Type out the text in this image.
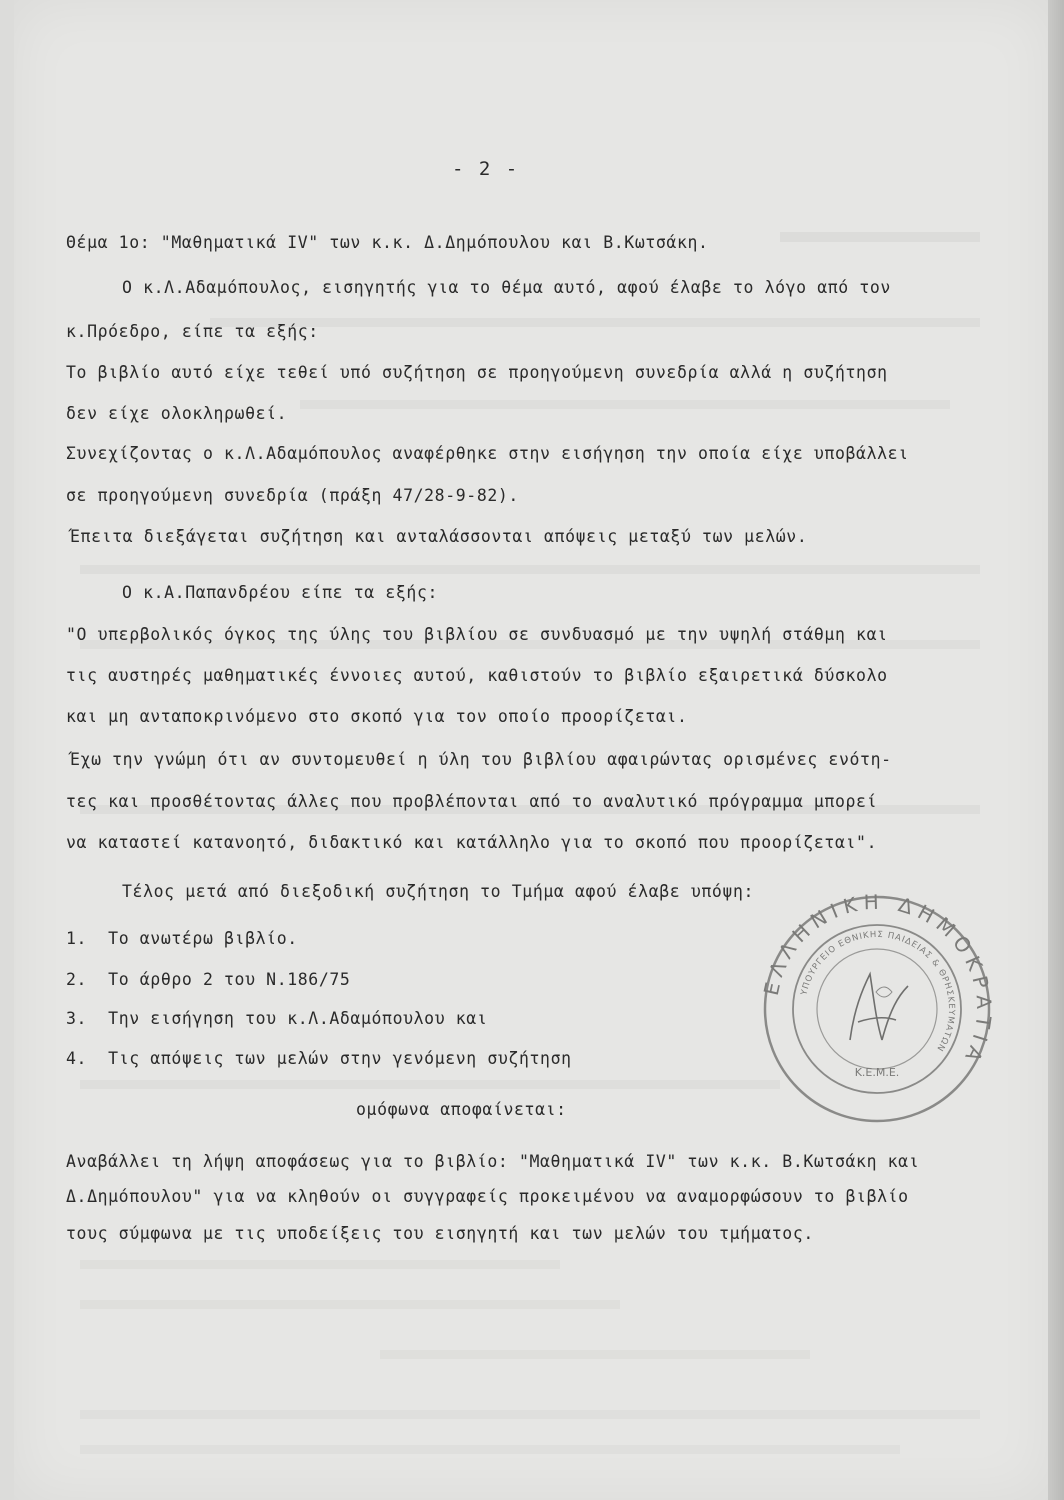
- 2 -
Θέμα 1ο: "Μαθηματικά ΙV" των κ.κ. Δ.Δημόπουλου και Β.Κωτσάκη.
O κ.Λ.Αδαμόπουλος, εισηγητής για το θέμα αυτό, αφού έλαβε το λόγο από τον
κ.Πρόεδρο, είπε τα εξής:
Το βιβλίο αυτό είχε τεθεί υπό συζήτηση σε προηγούμενη συνεδρία αλλά η συζήτηση
δεν είχε ολοκληρωθεί.
Συνεχίζοντας ο κ.Λ.Αδαμόπουλος αναφέρθηκε στην εισήγηση την οποία είχε υποβάλλει
σε προηγούμενη συνεδρία (πράξη 47/28-9-82).
Έπειτα διεξάγεται συζήτηση και ανταλάσσονται απόψεις μεταξύ των μελών.
O κ.Α.Παπανδρέου είπε τα εξής:
"O υπερβολικός όγκος της ύλης του βιβλίου σε συνδυασμό με την υψηλή στάθμη και
τις αυστηρές μαθηματικές έννοιες αυτού, καθιστούν το βιβλίο εξαιρετικά δύσκολο
και μη ανταποκρινόμενο στο σκοπό για τον οποίο προορίζεται.
Έχω την γνώμη ότι αν συντομευθεί η ύλη του βιβλίου αφαιρώντας ορισμένες ενότη-
τες και προσθέτοντας άλλες που προβλέπονται από το αναλυτικό πρόγραμμα μπορεί
να καταστεί κατανοητό, διδακτικό και κατάλληλο για το σκοπό που προορίζεται".
Τέλος μετά από διεξοδική συζήτηση το Τμήμα αφού έλαβε υπόψη:
1. Το ανωτέρω βιβλίο.
2. Το άρθρο 2 του Ν.186/75
3. Την εισήγηση του κ.Λ.Αδαμόπουλου και
4. Τις απόψεις των μελών στην γενόμενη συζήτηση
ομόφωνα αποφαίνεται:
Αναβάλλει τη λήψη αποφάσεως για το βιβλίο: "Μαθηματικά ΙV" των κ.κ. Β.Κωτσάκη και
Δ.Δημόπουλου" για να κληθούν οι συγγραφείς προκειμένου να αναμορφώσουν το βιβλίο
τους σύμφωνα με τις υποδείξεις του εισηγητή και των μελών του τμήματος.
ΕΛΛΗΝΙΚΗ ΔΗΜΟΚΡΑΤΙΑ
ΥΠΟΥΡΓΕΙΟ ΕΘΝΙΚΗΣ ΠΑΙΔΕΙΑΣ & ΘΡΗΣΚΕΥΜΑΤΩΝ
Κ.Ε.Μ.Ε.
